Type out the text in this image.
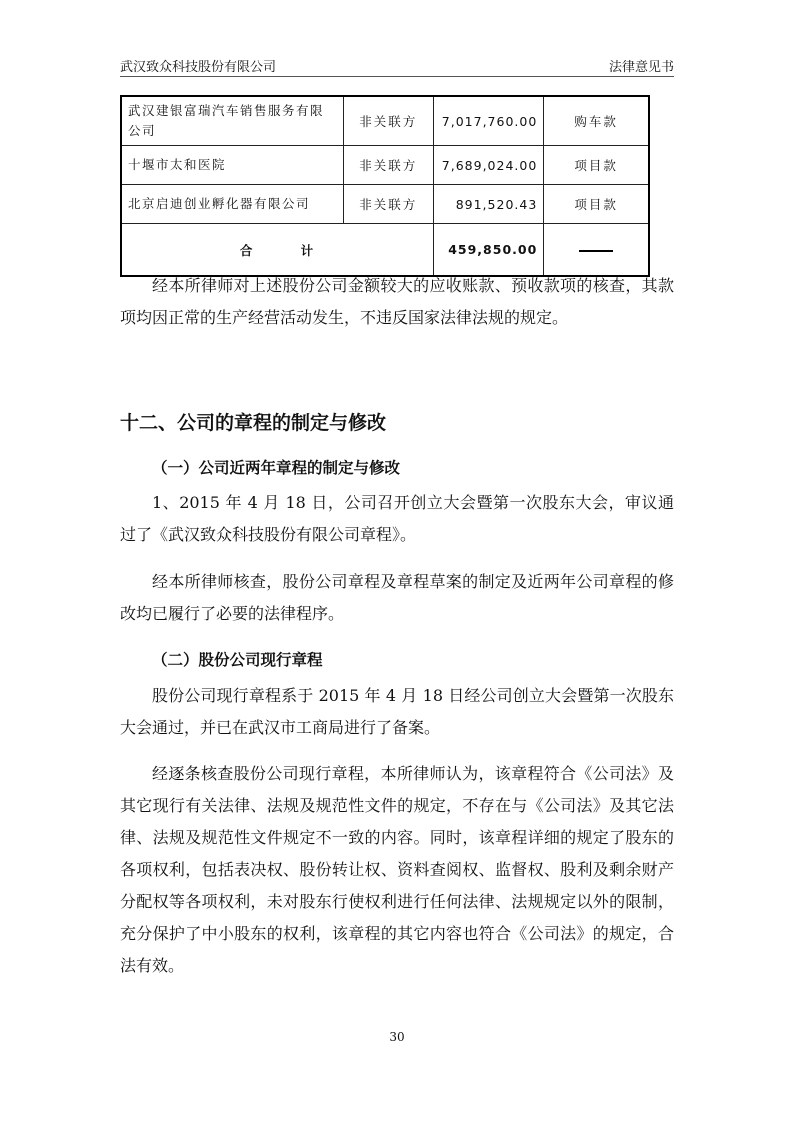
武汉致众科技股份有限公司	法律意见书
武汉建银富瑞汽车销售服务有限公司	非关联方	7,017,760.00	购车款
十堰市太和医院	非关联方	7,689,024.00	项目款
北京启迪创业孵化器有限公司	非关联方	891,520.43	项目款
合 计		459,850.00	

经本所律师对上述股份公司金额较大的应收账款、预收款项的核查，其款项均因正常的生产经营活动发生，不违反国家法律法规的规定。

十二、公司的章程的制定与修改
（一）公司近两年章程的制定与修改

1、2015 年 4 月 18 日，公司召开创立大会暨第一次股东大会，审议通过了《武汉致众科技股份有限公司章程》。

经本所律师核查，股份公司章程及章程草案的制定及近两年公司章程的修改均已履行了必要的法律程序。

（二）股份公司现行章程

股份公司现行章程系于 2015 年 4 月 18 日经公司创立大会暨第一次股东大会通过，并已在武汉市工商局进行了备案。

经逐条核查股份公司现行章程，本所律师认为，该章程符合《公司法》及其它现行有关法律、法规及规范性文件的规定，不存在与《公司法》及其它法律、法规及规范性文件规定不一致的内容。同时，该章程详细的规定了股东的各项权利，包括表决权、股份转让权、资料查阅权、监督权、股利及剩余财产分配权等各项权利，未对股东行使权利进行任何法律、法规规定以外的限制，充分保护了中小股东的权利，该章程的其它内容也符合《公司法》的规定，合法有效。

30
